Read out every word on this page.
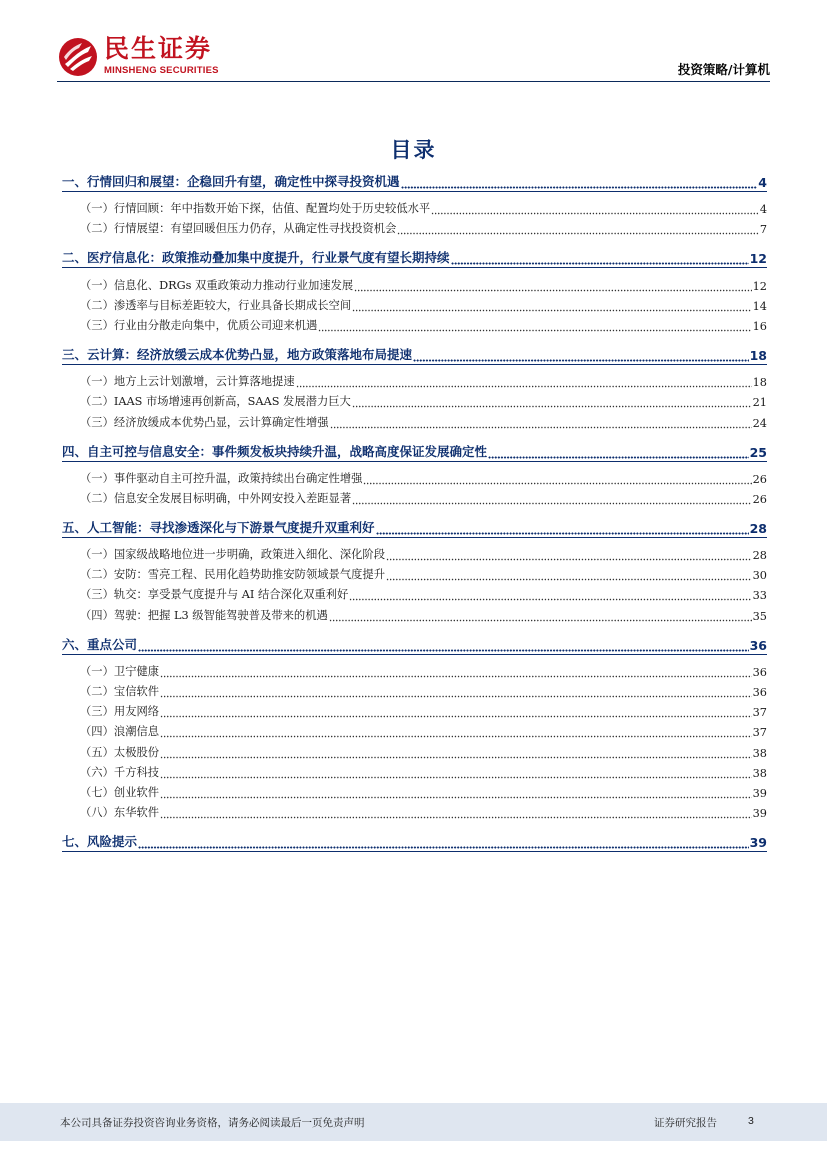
民生证券
MINSHENG SECURITIES	投资策略/计算机
目录
一、行情回归和展望：企稳回升有望，确定性中探寻投资机遇	4
（一）行情回顾：年中指数开始下探，估值、配置均处于历史较低水平	4
（二）行情展望：有望回暖但压力仍存，从确定性寻找投资机会	7
二、医疗信息化：政策推动叠加集中度提升，行业景气度有望长期持续	12
（一）信息化、DRGs 双重政策动力推动行业加速发展	12
（二）渗透率与目标差距较大，行业具备长期成长空间	14
（三）行业由分散走向集中，优质公司迎来机遇	16
三、云计算：经济放缓云成本优势凸显，地方政策落地布局提速	18
（一）地方上云计划激增，云计算落地提速	18
（二）IAAS 市场增速再创新高，SAAS 发展潜力巨大	21
（三）经济放缓成本优势凸显，云计算确定性增强	24
四、自主可控与信息安全：事件频发板块持续升温，战略高度保证发展确定性	25
（一）事件驱动自主可控升温，政策持续出台确定性增强	26
（二）信息安全发展目标明确，中外网安投入差距显著	26
五、人工智能：寻找渗透深化与下游景气度提升双重利好	28
（一）国家级战略地位进一步明确，政策进入细化、深化阶段	28
（二）安防：雪亮工程、民用化趋势助推安防领域景气度提升	30
（三）轨交：享受景气度提升与 AI 结合深化双重利好	33
（四）驾驶：把握 L3 级智能驾驶普及带来的机遇	35
六、重点公司	36
（一）卫宁健康	36
（二）宝信软件	36
（三）用友网络	37
（四）浪潮信息	37
（五）太极股份	38
（六）千方科技	38
（七）创业软件	39
（八）东华软件	39
七、风险提示	39
本公司具备证券投资咨询业务资格，请务必阅读最后一页免责声明	证券研究报告	3
